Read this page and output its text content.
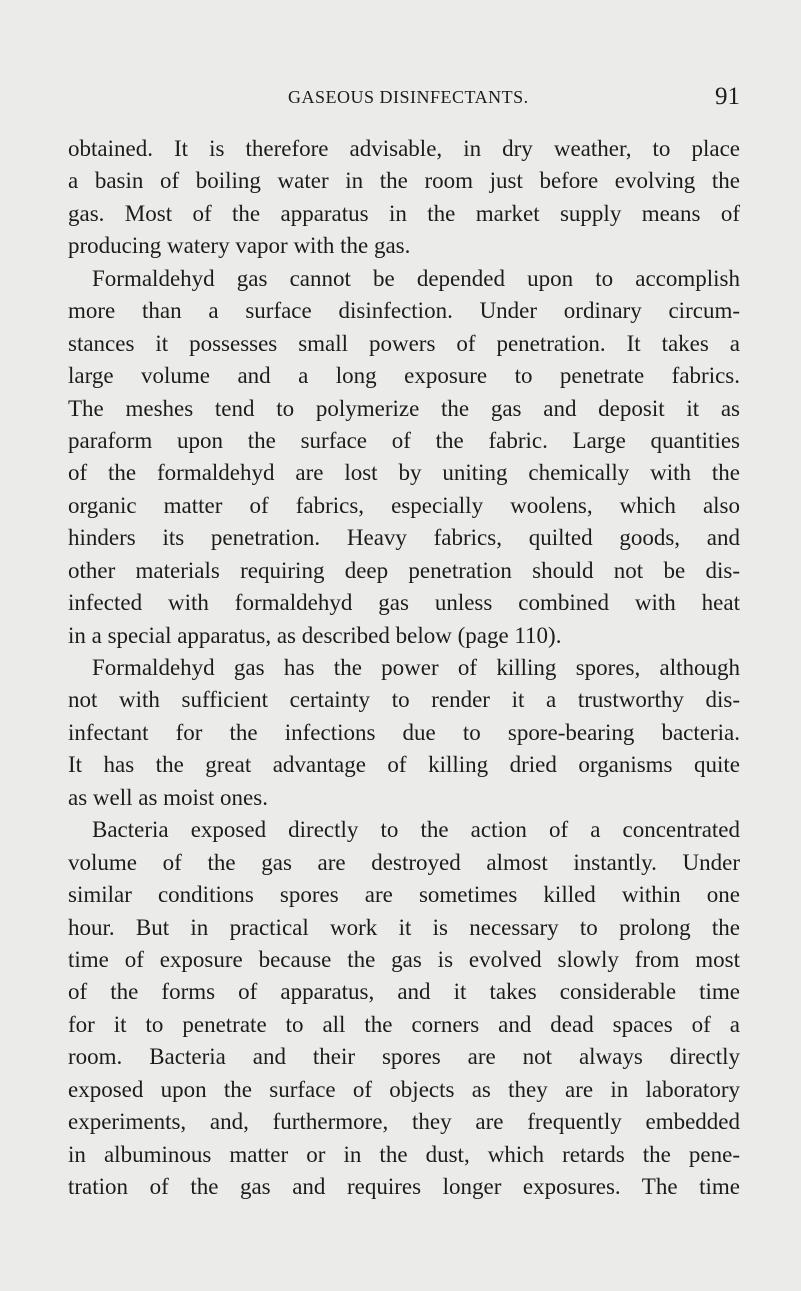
GASEOUS DISINFECTANTS.	91
obtained. It is therefore advisable, in dry weather, to place
a basin of boiling water in the room just before evolving the
gas. Most of the apparatus in the market supply means of
producing watery vapor with the gas.
Formaldehyd gas cannot be depended upon to accomplish
more than a surface disinfection. Under ordinary circum-
stances it possesses small powers of penetration. It takes a
large volume and a long exposure to penetrate fabrics.
The meshes tend to polymerize the gas and deposit it as
paraform upon the surface of the fabric. Large quantities
of the formaldehyd are lost by uniting chemically with the
organic matter of fabrics, especially woolens, which also
hinders its penetration. Heavy fabrics, quilted goods, and
other materials requiring deep penetration should not be dis-
infected with formaldehyd gas unless combined with heat
in a special apparatus, as described below (page 110).
Formaldehyd gas has the power of killing spores, although
not with sufficient certainty to render it a trustworthy dis-
infectant for the infections due to spore-bearing bacteria.
It has the great advantage of killing dried organisms quite
as well as moist ones.
Bacteria exposed directly to the action of a concentrated
volume of the gas are destroyed almost instantly. Under
similar conditions spores are sometimes killed within one
hour. But in practical work it is necessary to prolong the
time of exposure because the gas is evolved slowly from most
of the forms of apparatus, and it takes considerable time
for it to penetrate to all the corners and dead spaces of a
room. Bacteria and their spores are not always directly
exposed upon the surface of objects as they are in laboratory
experiments, and, furthermore, they are frequently embedded
in albuminous matter or in the dust, which retards the pene-
tration of the gas and requires longer exposures. The time
